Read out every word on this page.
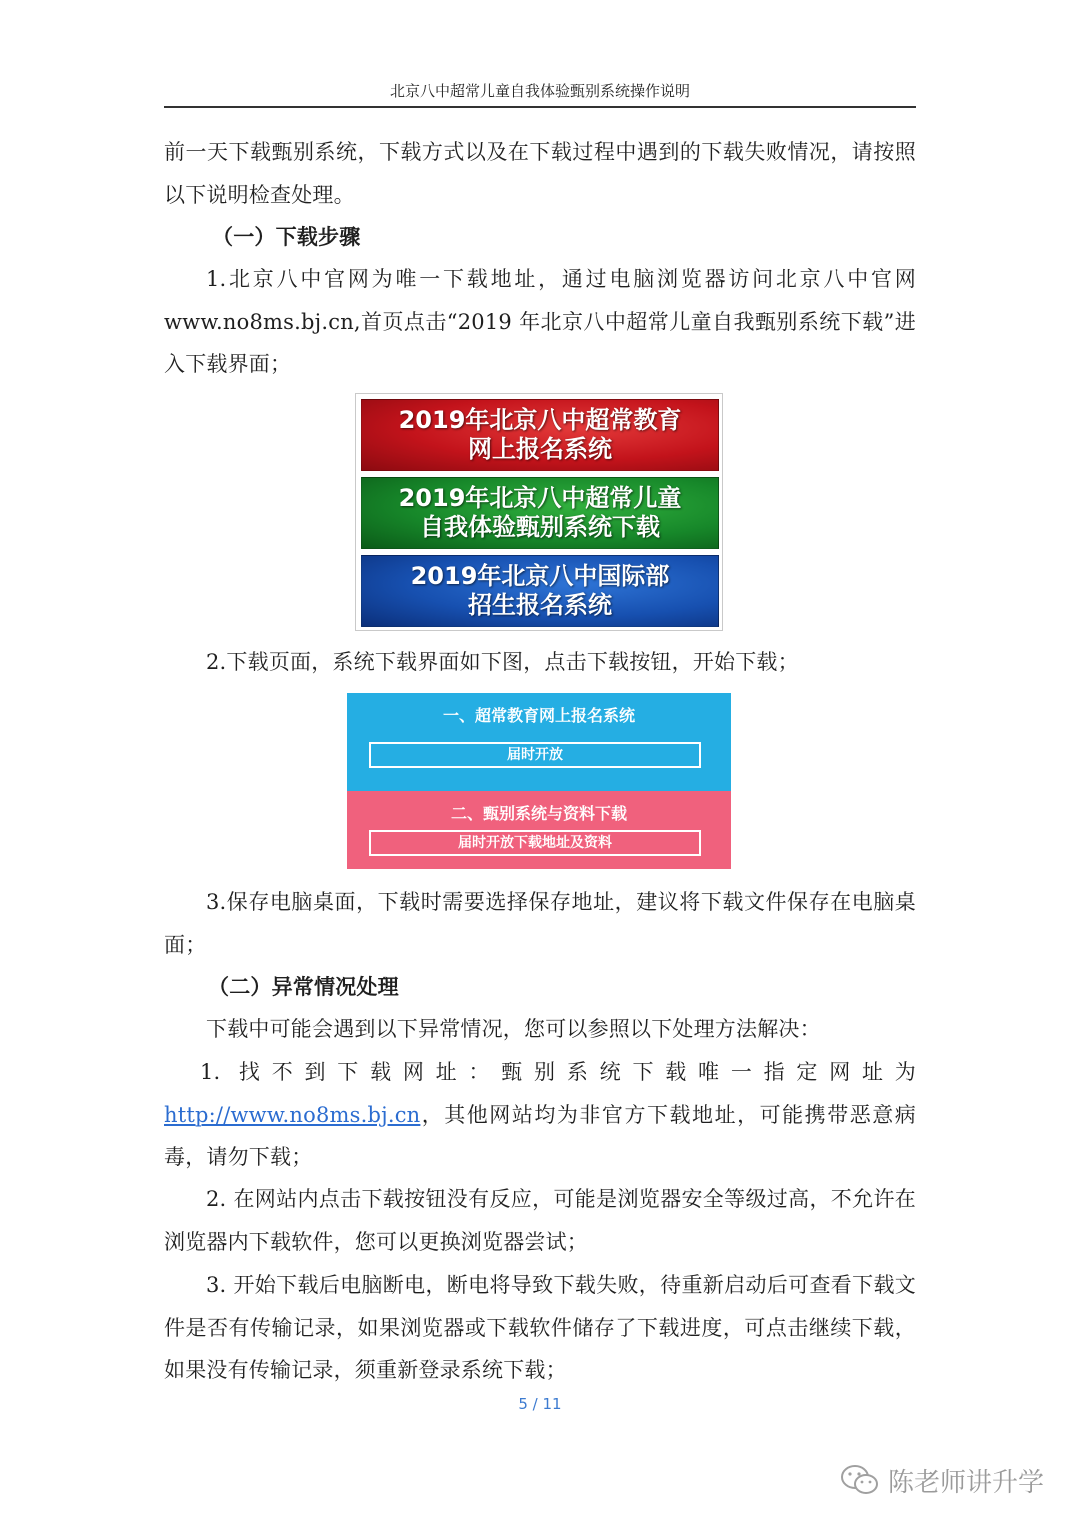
北京八中超常儿童自我体验甄别系统操作说明

前一天下载甄别系统，下载方式以及在下载过程中遇到的下载失败情况，请按照以下说明检查处理。

（一）下载步骤

1.北京八中官网为唯一下载地址，通过电脑浏览器访问北京八中官网 www.no8ms.bj.cn,首页点击“2019 年北京八中超常儿童自我甄别系统下载”进入下载界面；

2019年北京八中超常教育
网上报名系统
2019年北京八中超常儿童
自我体验甄别系统下载
2019年北京八中国际部
招生报名系统

2.下载页面，系统下载界面如下图，点击下载按钮，开始下载；

一、超常教育网上报名系统
届时开放
二、甄别系统与资料下载
届时开放下载地址及资料

3.保存电脑桌面，下载时需要选择保存地址，建议将下载文件保存在电脑桌面；

（二）异常情况处理

下载中可能会遇到以下异常情况，您可以参照以下处理方法解决：

1. 找不到下载网址：甄别系统下载唯一指定网址为 http://www.no8ms.bj.cn，其他网站均为非官方下载地址，可能携带恶意病毒，请勿下载；

2. 在网站内点击下载按钮没有反应，可能是浏览器安全等级过高，不允许在浏览器内下载软件，您可以更换浏览器尝试；

3. 开始下载后电脑断电，断电将导致下载失败，待重新启动后可查看下载文件是否有传输记录，如果浏览器或下载软件储存了下载进度，可点击继续下载，如果没有传输记录，须重新登录系统下载；

5 / 11
陈老师讲升学
